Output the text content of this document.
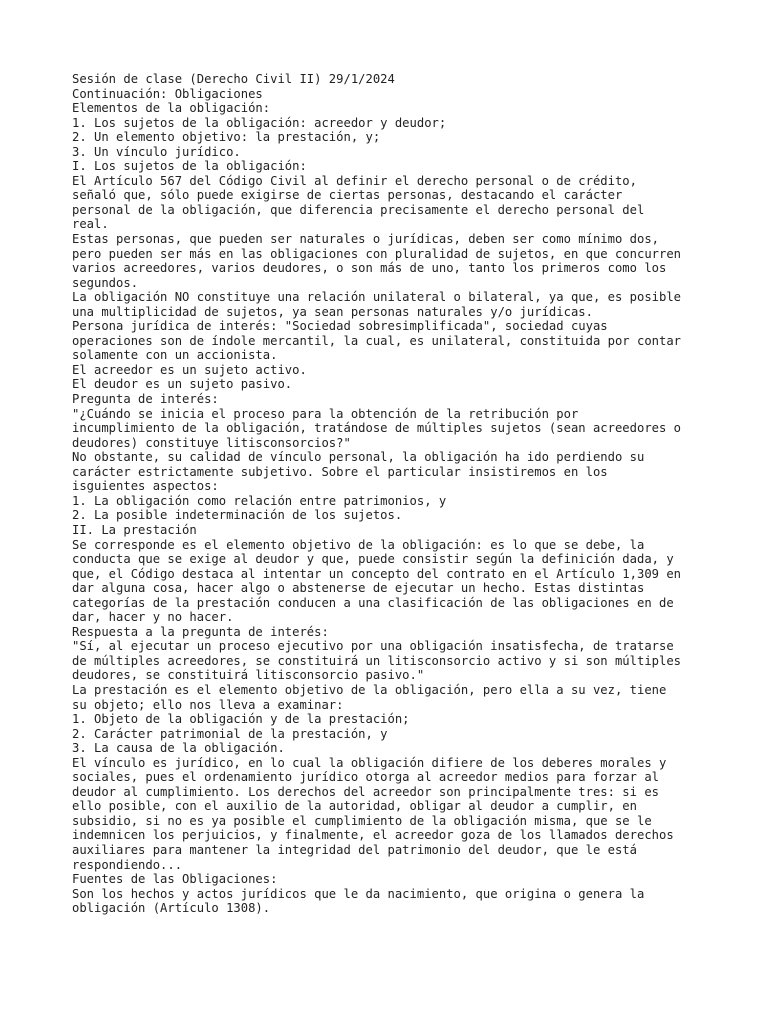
Sesión de clase (Derecho Civil II) 29/1/2024
Continuación: Obligaciones
Elementos de la obligación:
1. Los sujetos de la obligación: acreedor y deudor;
2. Un elemento objetivo: la prestación, y;
3. Un vínculo jurídico.
I. Los sujetos de la obligación:
El Artículo 567 del Código Civil al definir el derecho personal o de crédito,
señaló que, sólo puede exigirse de ciertas personas, destacando el carácter
personal de la obligación, que diferencia precisamente el derecho personal del
real.
Estas personas, que pueden ser naturales o jurídicas, deben ser como mínimo dos,
pero pueden ser más en las obligaciones con pluralidad de sujetos, en que concurren
varios acreedores, varios deudores, o son más de uno, tanto los primeros como los
segundos.
La obligación NO constituye una relación unilateral o bilateral, ya que, es posible
una multiplicidad de sujetos, ya sean personas naturales y/o jurídicas.
Persona jurídica de interés: "Sociedad sobresimplificada", sociedad cuyas
operaciones son de índole mercantil, la cual, es unilateral, constituida por contar
solamente con un accionista.
El acreedor es un sujeto activo.
El deudor es un sujeto pasivo.
Pregunta de interés:
"¿Cuándo se inicia el proceso para la obtención de la retribución por
incumplimiento de la obligación, tratándose de múltiples sujetos (sean acreedores o
deudores) constituye litisconsorcios?"
No obstante, su calidad de vínculo personal, la obligación ha ido perdiendo su
carácter estrictamente subjetivo. Sobre el particular insistiremos en los
isguientes aspectos:
1. La obligación como relación entre patrimonios, y
2. La posible indeterminación de los sujetos.
II. La prestación
Se corresponde es el elemento objetivo de la obligación: es lo que se debe, la
conducta que se exige al deudor y que, puede consistir según la definición dada, y
que, el Código destaca al intentar un concepto del contrato en el Artículo 1,309 en
dar alguna cosa, hacer algo o abstenerse de ejecutar un hecho. Estas distintas
categorías de la prestación conducen a una clasificación de las obligaciones en de
dar, hacer y no hacer.
Respuesta a la pregunta de interés:
"Sí, al ejecutar un proceso ejecutivo por una obligación insatisfecha, de tratarse
de múltiples acreedores, se constituirá un litisconsorcio activo y si son múltiples
deudores, se constituirá litisconsorcio pasivo."
La prestación es el elemento objetivo de la obligación, pero ella a su vez, tiene
su objeto; ello nos lleva a examinar:
1. Objeto de la obligación y de la prestación;
2. Carácter patrimonial de la prestación, y
3. La causa de la obligación.
El vínculo es jurídico, en lo cual la obligación difiere de los deberes morales y
sociales, pues el ordenamiento jurídico otorga al acreedor medios para forzar al
deudor al cumplimiento. Los derechos del acreedor son principalmente tres: si es
ello posible, con el auxilio de la autoridad, obligar al deudor a cumplir, en
subsidio, si no es ya posible el cumplimiento de la obligación misma, que se le
indemnicen los perjuicios, y finalmente, el acreedor goza de los llamados derechos
auxiliares para mantener la integridad del patrimonio del deudor, que le está
respondiendo...
Fuentes de las Obligaciones:
Son los hechos y actos jurídicos que le da nacimiento, que origina o genera la
obligación (Artículo 1308).
